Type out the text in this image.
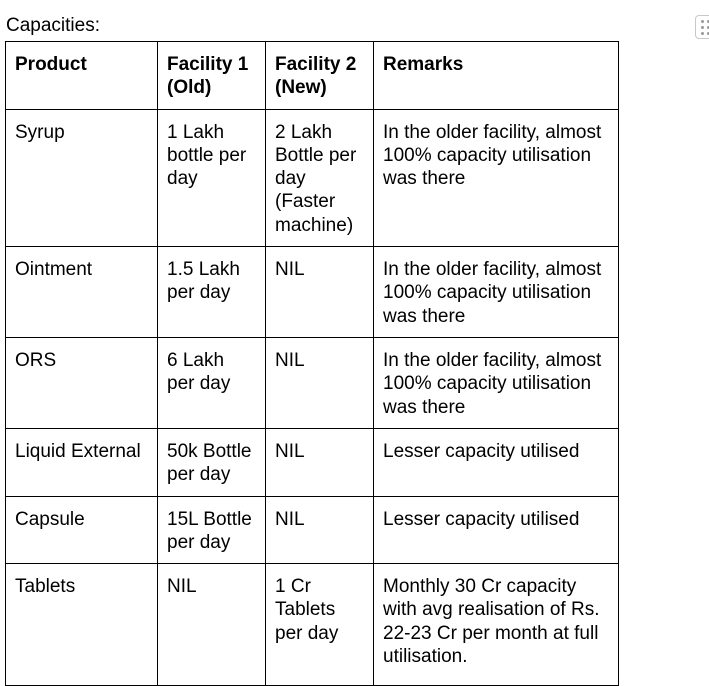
Capacities:
Product	Facility 1 (Old)	Facility 2 (New)	Remarks
Syrup	1 Lakh bottle per day	2 Lakh Bottle per day (Faster machine)	In the older facility, almost 100% capacity utilisation was there
Ointment	1.5 Lakh per day	NIL	In the older facility, almost 100% capacity utilisation was there
ORS	6 Lakh per day	NIL	In the older facility, almost 100% capacity utilisation was there
Liquid External	50k Bottle per day	NIL	Lesser capacity utilised
Capsule	15L Bottle per day	NIL	Lesser capacity utilised
Tablets	NIL	1 Cr Tablets per day	Monthly 30 Cr capacity with avg realisation of Rs. 22-23 Cr per month at full utilisation.
